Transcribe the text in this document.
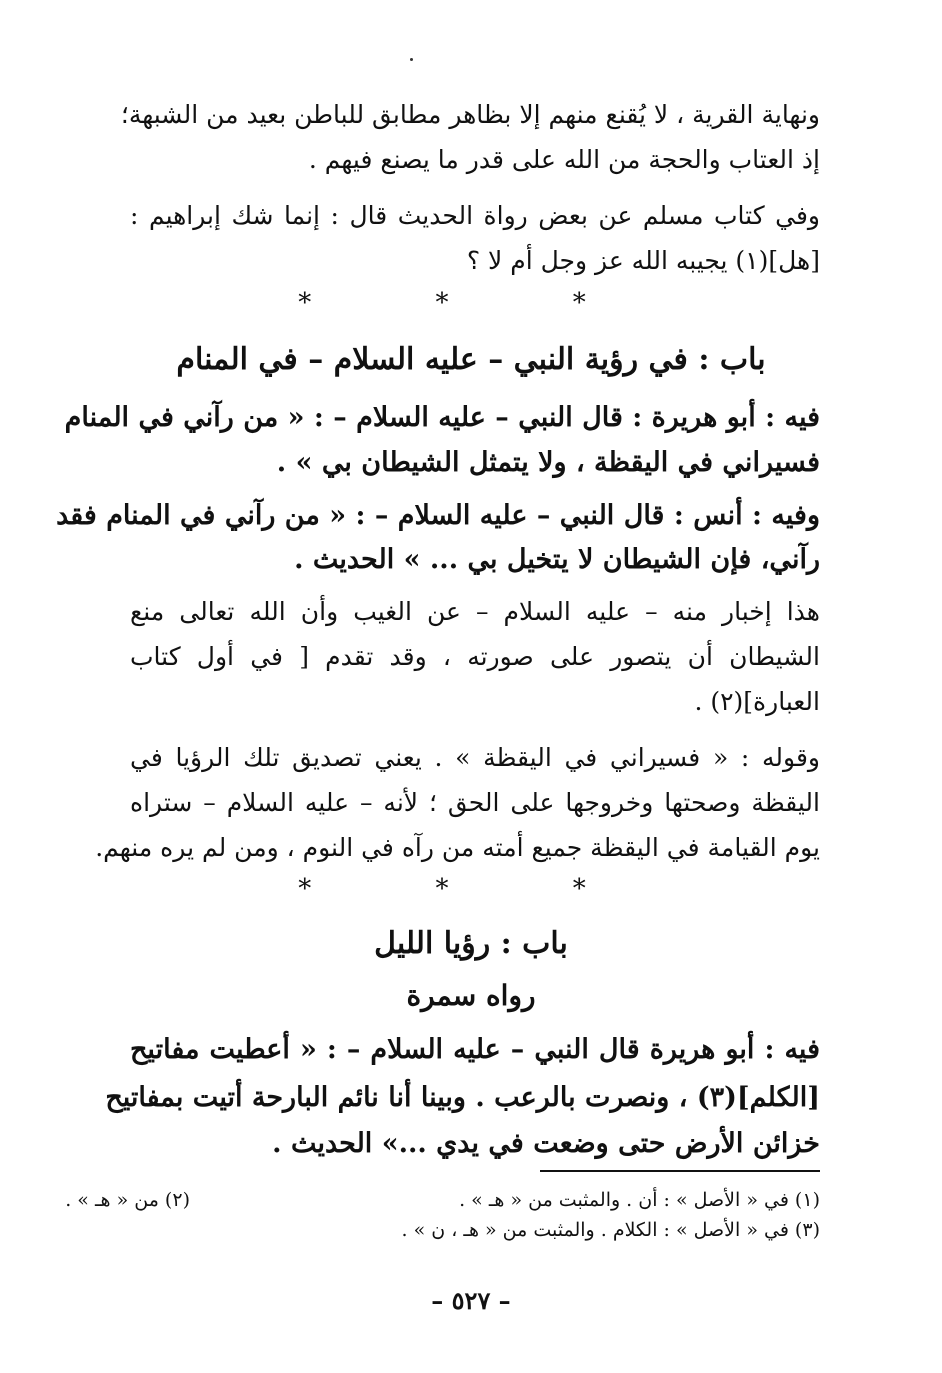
ونهاية القرية ، لا يُقنع منهم إلا بظاهر مطابق للباطن بعيد من الشبهة؛
إذ العتاب والحجة من الله على قدر ما يصنع فيهم .
وفي كتاب مسلم عن بعض رواة الحديث قال : إنما شك إبراهيم :
[هل](١) يجيبه الله عز وجل أم لا ؟
* * *
باب : في رؤية النبي – عليه السلام – في المنام
فيه : أبو هريرة : قال النبي – عليه السلام – : « من رآني في المنام
فسيراني في اليقظة ، ولا يتمثل الشيطان بي » .
وفيه : أنس : قال النبي – عليه السلام – : « من رآني في المنام فقد
رآني، فإن الشيطان لا يتخيل بي ... » الحديث .
هذا إخبار منه – عليه السلام – عن الغيب وأن الله تعالى منع
الشيطان أن يتصور على صورته ، وقد تقدم [ في أول كتاب
العبارة](٢) .
وقوله : « فسيراني في اليقظة » . يعني تصديق تلك الرؤيا في
اليقظة وصحتها وخروجها على الحق ؛ لأنه – عليه السلام – ستراه
يوم القيامة في اليقظة جميع أمته من رآه في النوم ، ومن لم يره منهم.
* * *
باب : رؤيا الليل
رواه سمرة
فيه : أبو هريرة قال النبي – عليه السلام – : « أعطيت مفاتيح
[الكلم](٣) ، ونصرت بالرعب . وبينا أنا نائم البارحة أتيت بمفاتيح
خزائن الأرض حتى وضعت في يدي ...» الحديث .
(١) في « الأصل » : أن . والمثبت من « هـ » .
(٢) من « هـ » .
(٣) في « الأصل » : الكلام . والمثبت من « هـ ، ن » .
– ٥٢٧ –
